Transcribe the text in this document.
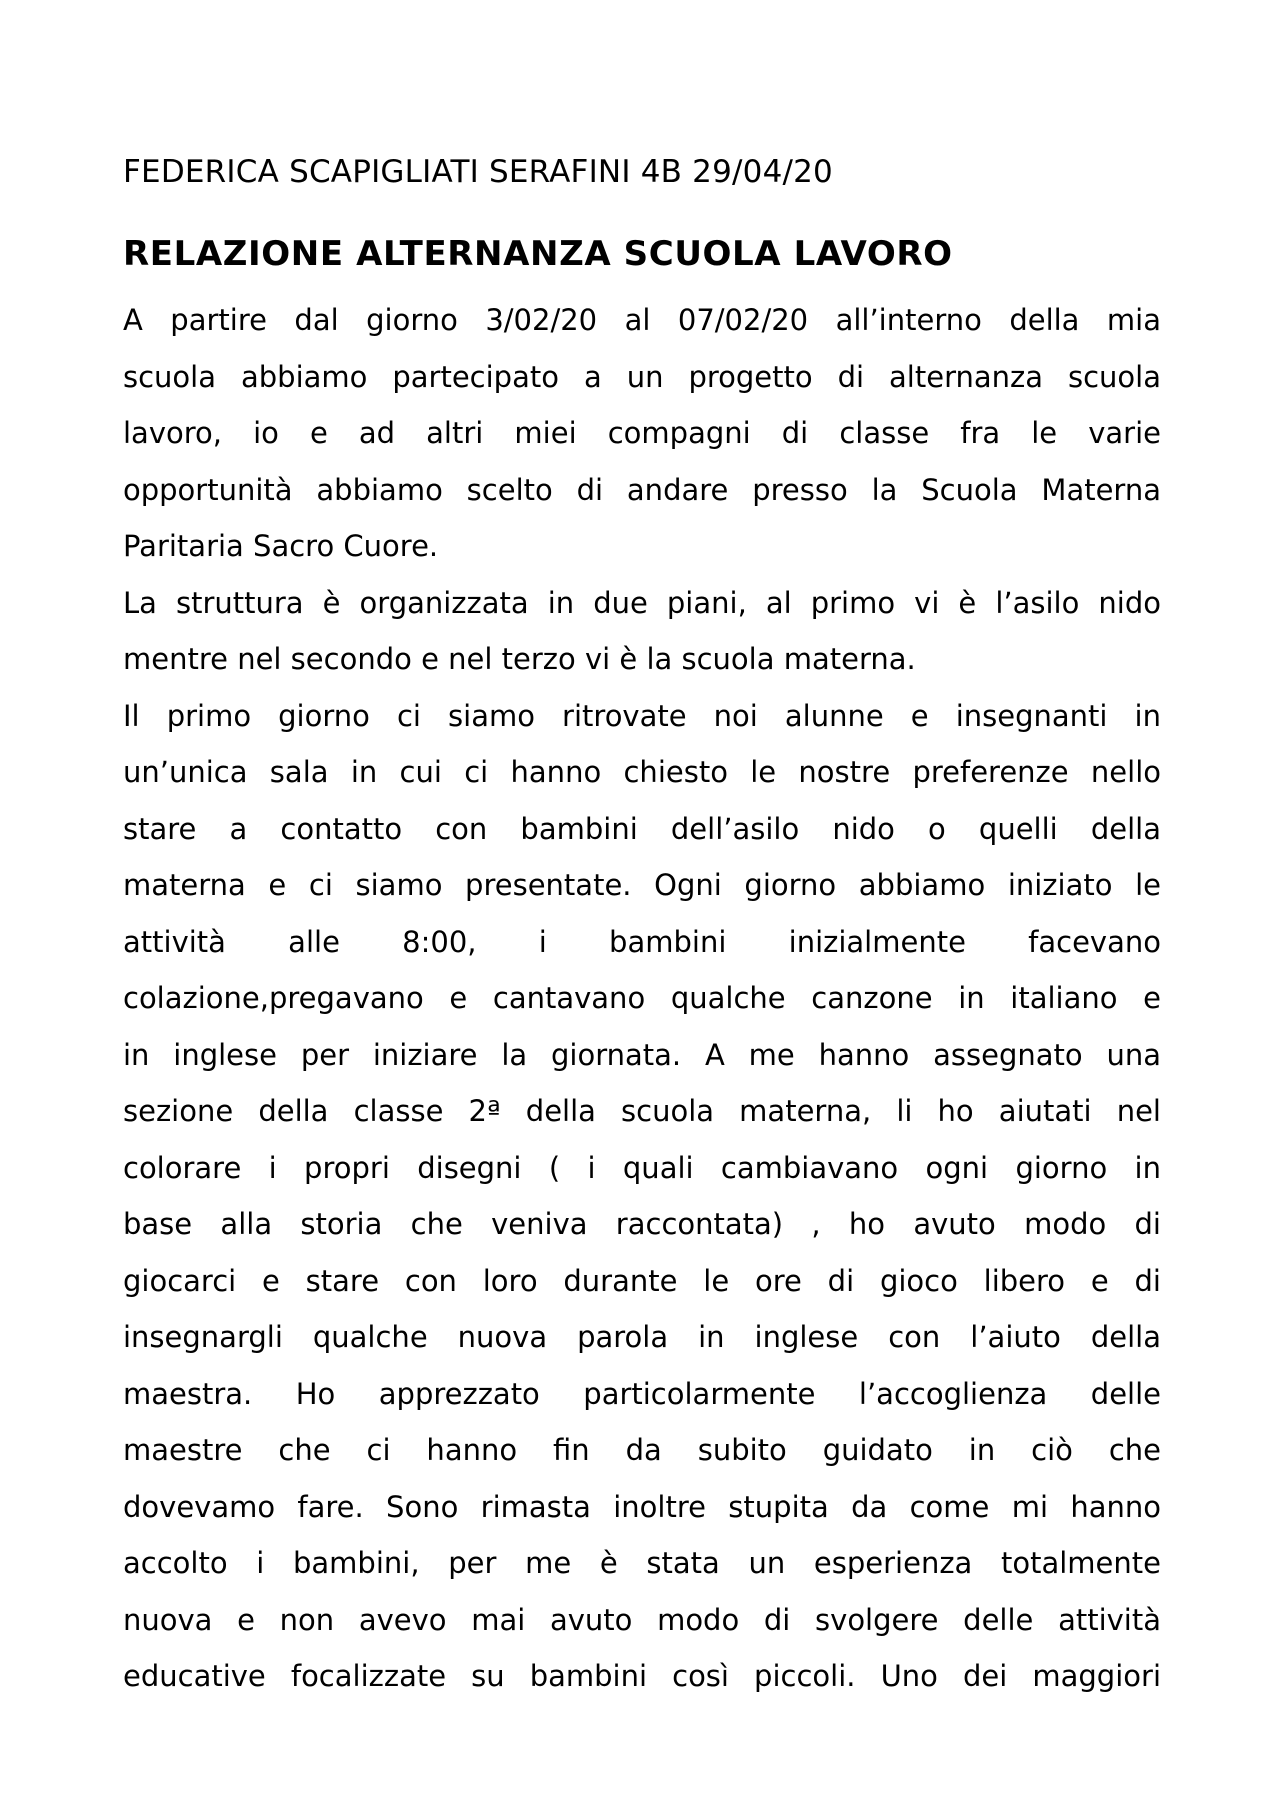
FEDERICA SCAPIGLIATI SERAFINI 4B 29/04/20
RELAZIONE ALTERNANZA SCUOLA LAVORO

A partire dal giorno 3/02/20 al 07/02/20 all’interno della mia

scuola abbiamo partecipato a un progetto di alternanza scuola

lavoro, io e ad altri miei compagni di classe fra le varie

opportunità abbiamo scelto di andare presso la Scuola Materna

Paritaria Sacro Cuore.

La struttura è organizzata in due piani, al primo vi è l’asilo nido

mentre nel secondo e nel terzo vi è la scuola materna.

Il primo giorno ci siamo ritrovate noi alunne e insegnanti in

un’unica sala in cui ci hanno chiesto le nostre preferenze nello

stare a contatto con bambini dell’asilo nido o quelli della

materna e ci siamo presentate. Ogni giorno abbiamo iniziato le

attività alle 8:00, i bambini inizialmente facevano

colazione,pregavano e cantavano qualche canzone in italiano e

in inglese per iniziare la giornata. A me hanno assegnato una

sezione della classe 2ª della scuola materna, li ho aiutati nel

colorare i propri disegni ( i quali cambiavano ogni giorno in

base alla storia che veniva raccontata) , ho avuto modo di

giocarci e stare con loro durante le ore di gioco libero e di

insegnargli qualche nuova parola in inglese con l’aiuto della

maestra. Ho apprezzato particolarmente l’accoglienza delle

maestre che ci hanno fin da subito guidato in ciò che

dovevamo fare. Sono rimasta inoltre stupita da come mi hanno

accolto i bambini, per me è stata un esperienza totalmente

nuova e non avevo mai avuto modo di svolgere delle attività

educative focalizzate su bambini così piccoli. Uno dei maggiori
